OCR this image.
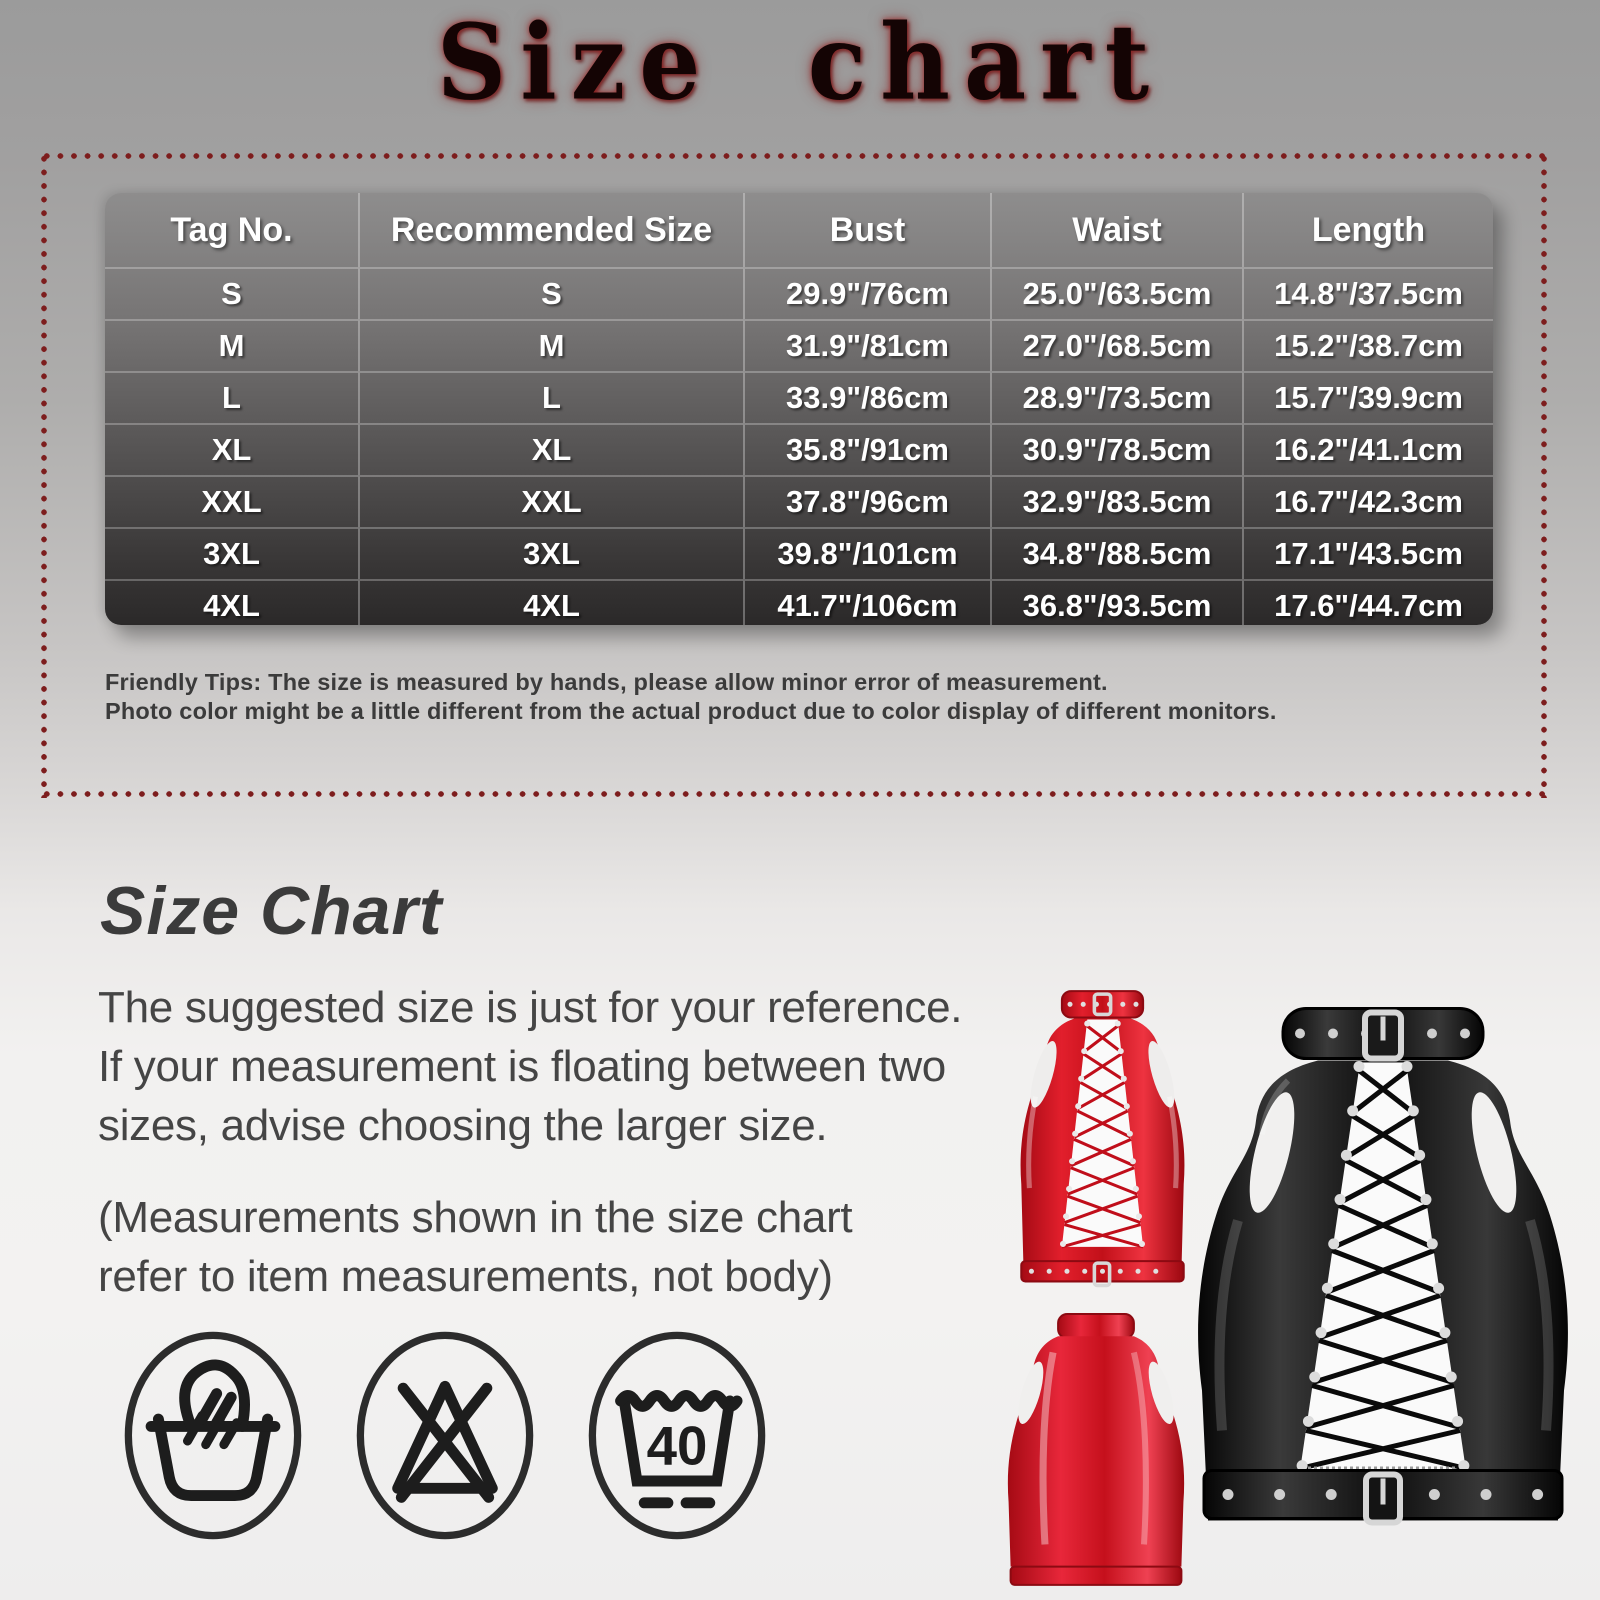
Size chart
Tag No.	Recommended Size	Bust	Waist	Length
S	S	29.9"/76cm	25.0"/63.5cm	14.8"/37.5cm
M	M	31.9"/81cm	27.0"/68.5cm	15.2"/38.7cm
L	L	33.9"/86cm	28.9"/73.5cm	15.7"/39.9cm
XL	XL	35.8"/91cm	30.9"/78.5cm	16.2"/41.1cm
XXL	XXL	37.8"/96cm	32.9"/83.5cm	16.7"/42.3cm
3XL	3XL	39.8"/101cm	34.8"/88.5cm	17.1"/43.5cm
4XL	4XL	41.7"/106cm	36.8"/93.5cm	17.6"/44.7cm
Friendly Tips: The size is measured by hands, please allow minor error of measurement.
Photo color might be a little different from the actual product due to color display of different monitors.
Size Chart
The suggested size is just for your reference.
If your measurement is floating between two
sizes, advise choosing the larger size.
(Measurements shown in the size chart
refer to item measurements, not body)
40
